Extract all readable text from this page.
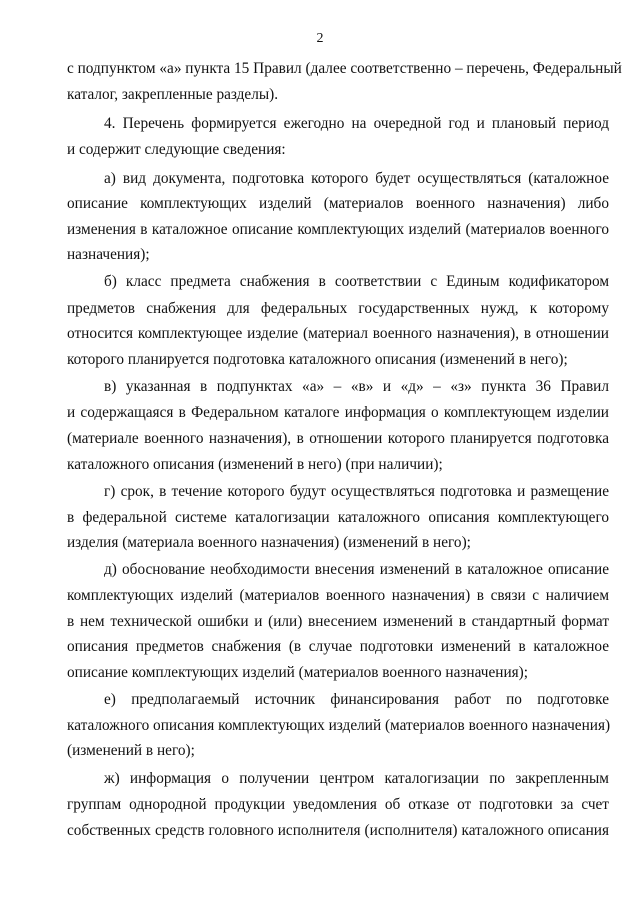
2
с подпунктом «а» пункта 15 Правил (далее соответственно – перечень, Федеральный
каталог, закрепленные разделы).
4. Перечень формируется ежегодно на очередной год и плановый период
и содержит следующие сведения:
а) вид документа, подготовка которого будет осуществляться (каталожное
описание комплектующих изделий (материалов военного назначения) либо
изменения в каталожное описание комплектующих изделий (материалов военного
назначения);
б) класс предмета снабжения в соответствии с Единым кодификатором
предметов снабжения для федеральных государственных нужд, к которому
относится комплектующее изделие (материал военного назначения), в отношении
которого планируется подготовка каталожного описания (изменений в него);
в) указанная в подпунктах «а» – «в» и «д» – «з» пункта 36 Правил
и содержащаяся в Федеральном каталоге информация о комплектующем изделии
(материале военного назначения), в отношении которого планируется подготовка
каталожного описания (изменений в него) (при наличии);
г) срок, в течение которого будут осуществляться подготовка и размещение
в федеральной системе каталогизации каталожного описания комплектующего
изделия (материала военного назначения) (изменений в него);
д) обоснование необходимости внесения изменений в каталожное описание
комплектующих изделий (материалов военного назначения) в связи с наличием
в нем технической ошибки и (или) внесением изменений в стандартный формат
описания предметов снабжения (в случае подготовки изменений в каталожное
описание комплектующих изделий (материалов военного назначения);
е) предполагаемый источник финансирования работ по подготовке
каталожного описания комплектующих изделий (материалов военного назначения)
(изменений в него);
ж) информация о получении центром каталогизации по закрепленным
группам однородной продукции уведомления об отказе от подготовки за счет
собственных средств головного исполнителя (исполнителя) каталожного описания
